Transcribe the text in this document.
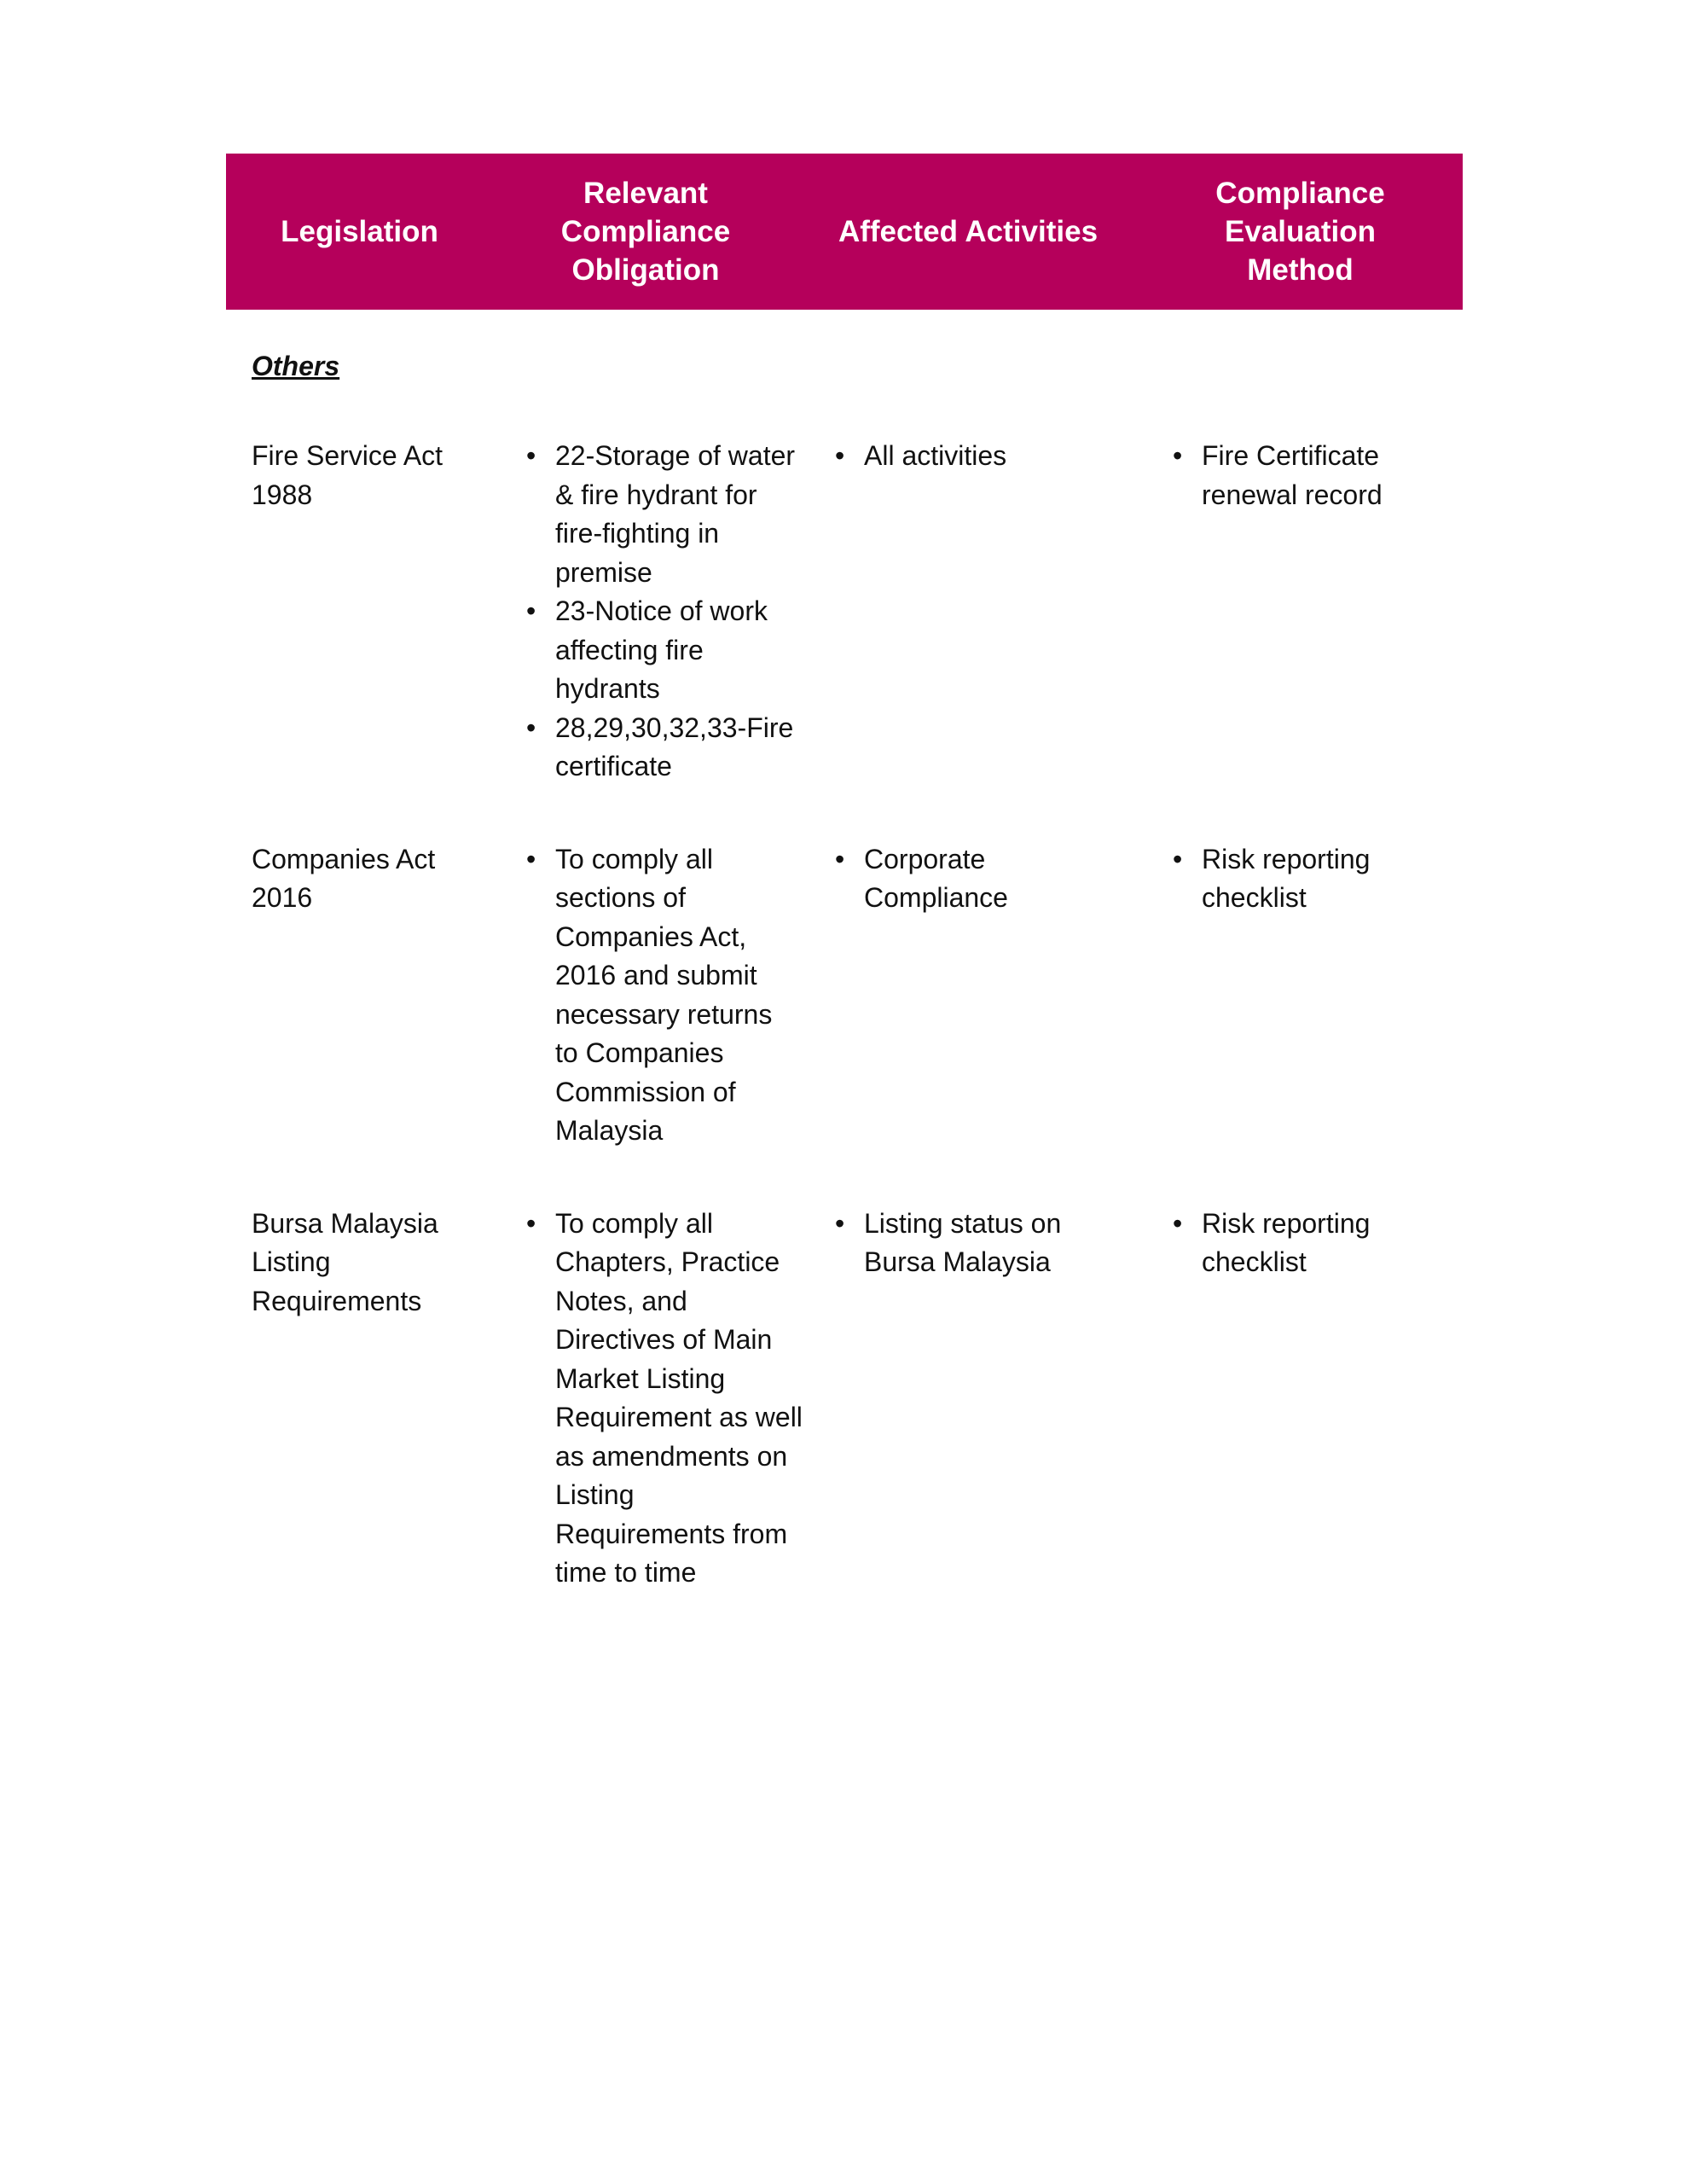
Legislation
Relevant Compliance Obligation
Affected Activities
Compliance Evaluation Method
Others
Fire Service Act 1988
• 22-Storage of water & fire hydrant for fire-fighting in premise
• 23-Notice of work affecting fire hydrants
• 28,29,30,32,33-Fire certificate
• All activities	• Fire Certificate renewal record
Companies Act 2016
• To comply all sections of Companies Act, 2016 and submit necessary returns to Companies Commission of Malaysia
• Corporate Compliance
• Risk reporting checklist
Bursa Malaysia Listing Requirements
• To comply all Chapters, Practice Notes, and Directives of Main Market Listing Requirement as well as amendments on Listing Requirements from time to time
• Listing status on Bursa Malaysia
• Risk reporting checklist
